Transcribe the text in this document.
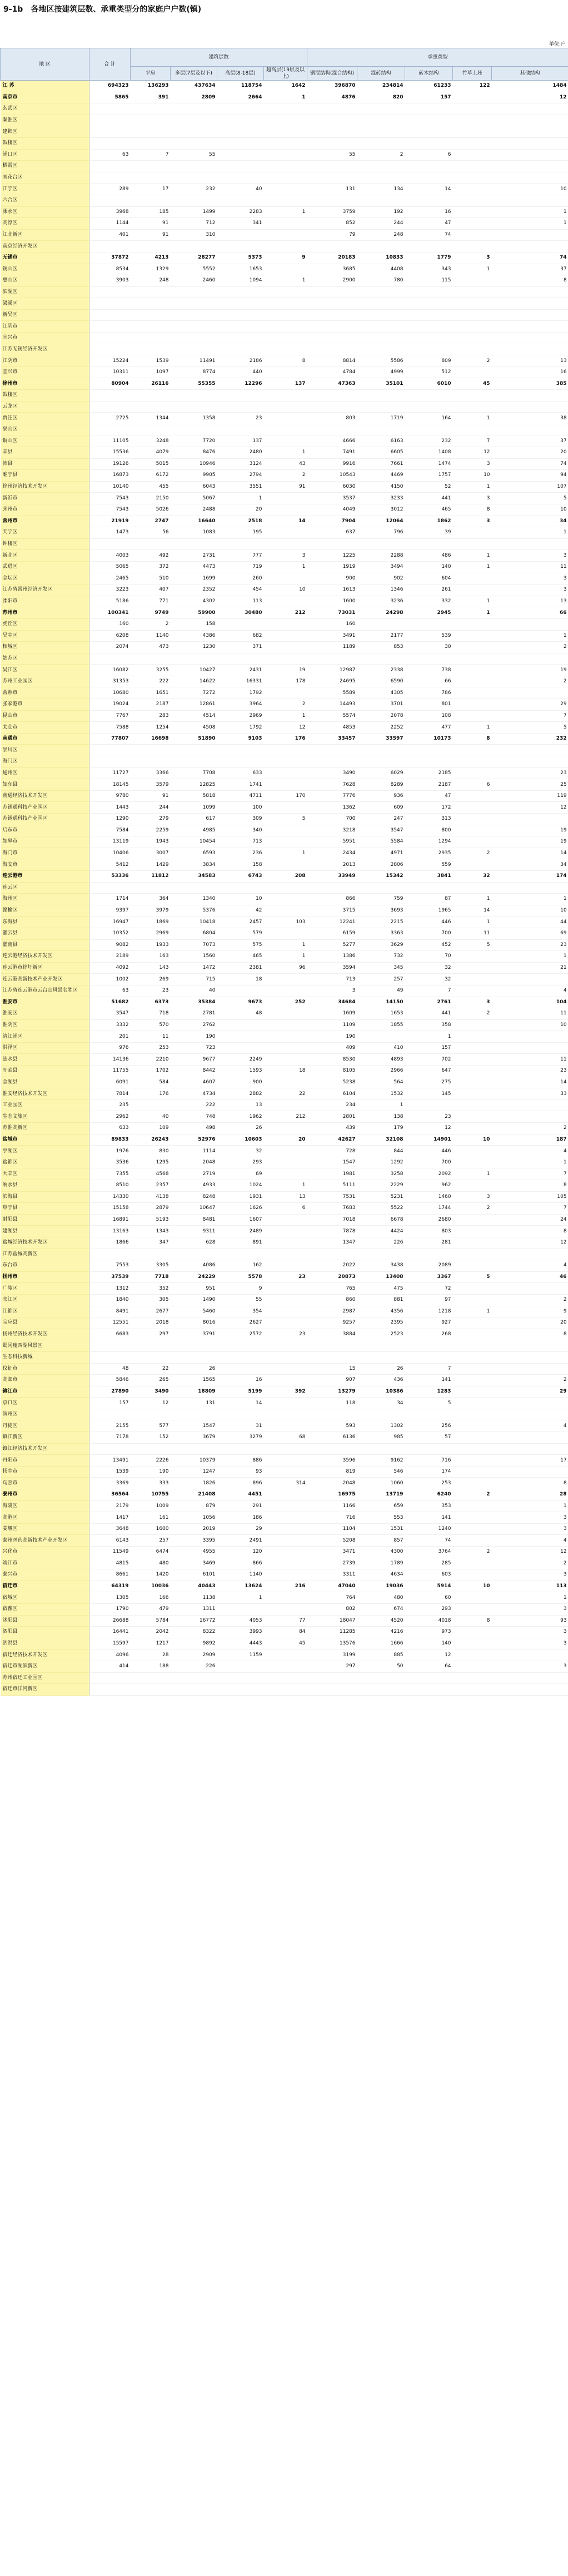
9-1b 各地区按建筑层数、承重类型分的家庭户户数(镇)
单位:户
地 区	合 计	建筑层数				承重类型				
		平房	多层(7层及以下)	高层(8-18层)	超高层(19层及以上)	钢混结构(混合结构)	混砖结构	砖木结构	竹草土坯	其他结构

江 苏	694323	136293	437634	118754	1642	396870	234814	61233	122	1484
南京市	5865	391	2809	2664	1	4876	820	157		12
玄武区										
秦淮区										
建邺区										
鼓楼区										
浦口区	63	7	55			55	2	6		
栖霞区										
雨花台区										
江宁区	289	17	232	40		131	134	14		10
六合区										
溧水区	3968	185	1499	2283	1	3759	192	16		1
高淳区	1144	91	712	341		852	244	47		1
江北新区	401	91	310			79	248	74		
南京经济开发区										
无锡市	37872	4213	28277	5373	9	20183	10833	1779	3	74
锡山区	8534	1329	5552	1653		3685	4408	343	1	37
惠山区	3903	248	2460	1094	1	2900	780	115		8
滨湖区										
梁溪区										
新吴区										
江阴市										
宜兴市										
江苏无锡经济开发区										
江阴市	15224	1539	11491	2186	8	8814	5586	809	2	13
宜兴市	10311	1097	8774	440		4784	4999	512		16
徐州市	80904	26116	55355	12296	137	47363	35101	6010	45	385
鼓楼区										
云龙区										
贾汪区	2725	1344	1358	23		803	1719	164	1	38
泉山区										
铜山区	11105	3248	7720	137		4666	6163	232	7	37
丰县	15536	4079	8476	2480	1	7491	6605	1408	12	20
沛县	19126	5015	10946	3124	43	9916	7661	1474	3	74
睢宁县	16873	6172	9905	2794	2	10543	4469	1757	10	94
徐州经济技术开发区	10140	455	6043	3551	91	6030	4150	52	1	107
新沂市	7543	2150	5067	1		3537	3233	441	3	5
邳州市	7543	5026	2488	20		4049	3012	465	8	10
常州市	21919	2747	16640	2518	14	7904	12064	1862	3	34
天宁区	1473	56	1083	195		637	796	39		1
钟楼区										
新北区	4003	492	2731	777	3	1225	2288	486	1	3
武进区	5065	372	4473	719	1	1919	3494	140	1	11
金坛区	2465	510	1699	260		900	902	604		3
江苏省常州经济开发区	3223	407	2352	454	10	1613	1346	261		3
溧阳市	5186	771	4302	113		1600	3236	332	1	13
苏州市	100341	9749	59900	30480	212	73031	24298	2945	1	66
虎丘区	160	2	158			160				
吴中区	6208	1140	4386	682		3491	2177	539		1
相城区	2074	473	1230	371		1189	853	30		2
姑苏区										
吴江区	16082	3255	10427	2431	19	12987	2338	738		19
苏州工业园区	31353	222	14622	16331	178	24695	6590	66		2
常熟市	10680	1651	7272	1792		5589	4305	786		
张家港市	19024	2187	12861	3964	2	14493	3701	801		29
昆山市	7767	283	4514	2969	1	5574	2078	108		7
太仓市	7588	1254	4508	1792	12	4853	2252	477	1	5
南通市	77807	16698	51890	9103	176	33457	33597	10173	8	232
崇川区										
海门区										
通州区	11727	3366	7708	633		3490	6029	2185		23
如东县	18145	3579	12825	1741		7628	8289	2187	6	25
南通经济技术开发区	9780	91	5818	4711	170	7776	936	47		119
苏锡通科技产业园区	1443	244	1099	100		1362	609	172		12
苏锡通科技产业园区	1290	279	617	309	5	700	247	313		
启东市	7584	2259	4985	340		3218	3547	800		19
如皋市	13119	1943	10454	713		5951	5584	1294		19
海门市	10406	3007	6593	236	1	2434	4971	2935	2	14
海安市	5412	1429	3834	158		2013	2806	559		34
连云港市	53336	11812	34583	6743	208	33949	15342	3841	32	174
连云区										
海州区	1714	364	1340	10		866	759	87	1	1
赣榆区	9397	3979	5376	42		3715	3693	1965	14	10
东海县	16947	1869	10418	2457	103	12241	2215	446	1	44
灌云县	10352	2969	6804	579		6159	3363	700	11	69
灌南县	9082	1933	7073	575	1	5277	3629	452	5	23
连云港经济技术开发区	2189	163	1560	465	1	1386	732	70		1
连云港市徐圩新区	4092	143	1472	2381	96	3594	345	32		21
连云港高新技术产业开发区	1002	269	715	18		713	257	32		
江苏省连云港市云台山风景名胜区	63	23	40			3	49	7		4
淮安市	51682	6373	35384	9673	252	34684	14150	2761	3	104
淮安区	3547	718	2781	48		1609	1653	441	2	11
淮阴区	3332	570	2762			1109	1855	358		10
清江浦区	201	11	190			190		1		
洪泽区	976	253	723			409	410	157		
涟水县	14136	2210	9677	2249		8530	4893	702		11
盱眙县	11755	1702	8442	1593	18	8105	2966	647		23
金湖县	6091	584	4607	900		5238	564	275		14
淮安经济技术开发区	7814	176	4734	2882	22	6104	1532	145		33
工业园区	235		222	13		234	1			
生态文旅区	2962	40	748	1962	212	2801	138	23		
苏淮高新区	633	109	498	26		439	179	12		2
盐城市	89833	26243	52976	10603	20	42627	32108	14901	10	187
亭湖区	1976	830	1114	32		728	844	446		4
盐都区	3536	1295	2048	293		1547	1292	700		1
大丰区	7355	4568	2719	69		1981	3258	2092	1	7
响水县	8510	2357	4933	1024	1	5111	2229	962		8
滨海县	14330	4138	8248	1931	13	7531	5231	1460	3	105
阜宁县	15158	2879	10647	1626	6	7683	5522	1744	2	7
射阳县	16891	5193	8481	1607		7018	6678	2680		24
建湖县	13163	1343	9311	2489		7878	4424	803		8
盐城经济技术开发区	1866	347	628	891		1347	226	281		12
江苏盐城高新区										
东台市	7553	3305	4086	162		2022	3438	2089		4
扬州市	37539	7718	24229	5578	23	20873	13408	3367	5	46
广陵区	1312	352	951	9		765	475	72		
邗江区	1840	305	1490	55		860	881	97		2
江都区	8491	2677	5460	354		2987	4356	1218	1	9
宝应县	12551	2018	8016	2627		9257	2395	927		20
扬州经济技术开发区	6683	297	3791	2572	23	3884	2523	268		8
蜀冈瘦西湖风景区										
生态科技新城										
仪征市	48	22	26			15	26	7		
高邮市	5846	265	1565	16		907	436	141		2
镇江市	27890	3490	18809	5199	392	13279	10386	1283		29
京口区	157	12	131	14		118	34	5		
润州区										
丹徒区	2155	577	1547	31		593	1302	256		4
镇江新区	7178	152	3679	3279	68	6136	985	57		
镇江经济技术开发区										
丹阳市	13491	2226	10379	886		3596	9162	716		17
扬中市	1539	190	1247	93		819	546	174		
句容市	3369	333	1826	896	314	2048	1060	253		8
泰州市	36564	10755	21408	4451		16975	13719	6240	2	28
海陵区	2179	1009	879	291		1166	659	353		1
高港区	1417	161	1056	186		716	553	141		3
姜堰区	3648	1600	2019	29		1104	1531	1240		3
泰州医药高新技术产业开发区	6143	257	3395	2491		5208	857	74		4
兴化市	11549	6474	4955	120		3471	4300	3764	2	12
靖江市	4815	480	3469	866		2739	1789	285		2
泰兴市	8661	1420	6101	1140		3311	4634	603		3
宿迁市	64319	10036	40443	13624	216	47040	19036	5914	10	113
宿城区	1305	166	1138	1		764	480	60		1
宿豫区	1790	479	1311			802	674	293		3
沭阳县	26688	5784	16772	4053	77	18047	4520	4018	8	93
泗阳县	16441	2042	8322	3993	84	11285	4216	973		3
泗洪县	15597	1217	9892	4443	45	13576	1666	140		3
宿迁经济技术开发区	4096	28	2909	1159		3199	885	12		
宿迁市湖滨新区	414	188	226			297	50	64		3
苏州宿迁工业园区										
宿迁市洋河新区										
